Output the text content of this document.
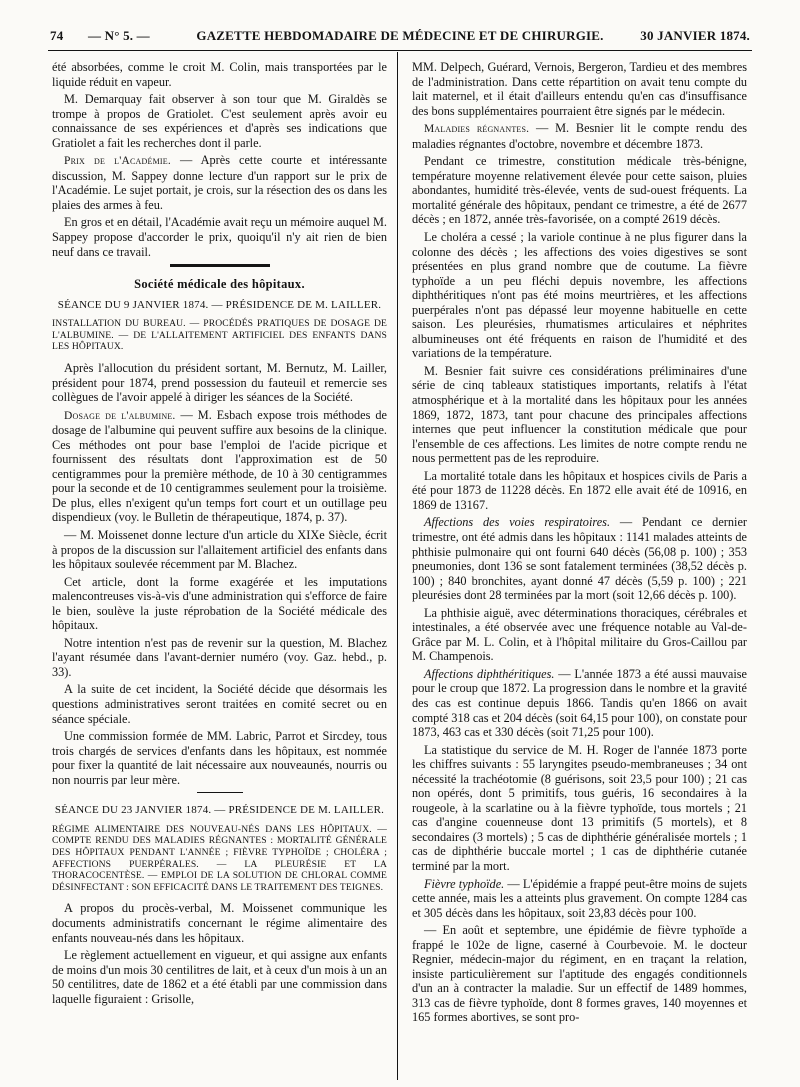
74 — N° 5. —	GAZETTE HEBDOMADAIRE DE MÉDECINE ET DE CHIRURGIE.	30 JANVIER 1874.

été absorbées, comme le croit M. Colin, mais transportées par le liquide réduit en vapeur.

M. Demarquay fait observer à son tour que M. Giraldès se trompe à propos de Gratiolet. C'est seulement après avoir eu connaissance de ses expériences et d'après ses indications que Gratiolet a fait les recherches dont il parle.

Prix de l'Académie. — Après cette courte et intéressante discussion, M. Sappey donne lecture d'un rapport sur le prix de l'Académie. Le sujet portait, je crois, sur la résection des os dans les plaies des armes à feu.

En gros et en détail, l'Académie avait reçu un mémoire auquel M. Sappey propose d'accorder le prix, quoiqu'il n'y ait rien de bien neuf dans ce travail.

Société médicale des hôpitaux.
SÉANCE DU 9 JANVIER 1874. — PRÉSIDENCE DE M. LAILLER.

INSTALLATION DU BUREAU. — PROCÉDÉS PRATIQUES DE DOSAGE DE L'ALBUMINE. — DE L'ALLAITEMENT ARTIFICIEL DES ENFANTS DANS LES HÔPITAUX.

Après l'allocution du président sortant, M. Bernutz, M. Lailler, président pour 1874, prend possession du fauteuil et remercie ses collègues de l'avoir appelé à diriger les séances de la Société.

Dosage de l'albumine. — M. Esbach expose trois méthodes de dosage de l'albumine qui peuvent suffire aux besoins de la clinique. Ces méthodes ont pour base l'emploi de l'acide picrique et fournissent des résultats dont l'approximation est de 50 centigrammes pour la première méthode, de 10 à 30 centigrammes pour la seconde et de 10 centigrammes seulement pour la troisième. De plus, elles n'exigent qu'un temps fort court et un outillage peu dispendieux (voy. le Bulletin de thérapeutique, 1874, p. 37).

— M. Moissenet donne lecture d'un article du XIXe Siècle, écrit à propos de la discussion sur l'allaitement artificiel des enfants dans les hôpitaux soulevée récemment par M. Blachez.

Cet article, dont la forme exagérée et les imputations malencontreuses vis-à-vis d'une administration qui s'efforce de faire le bien, soulève la juste réprobation de la Société médicale des hôpitaux.

Notre intention n'est pas de revenir sur la question, M. Blachez l'ayant résumée dans l'avant-dernier numéro (voy. Gaz. hebd., p. 33).

A la suite de cet incident, la Société décide que désormais les questions administratives seront traitées en comité secret ou en séance spéciale.

Une commission formée de MM. Labric, Parrot et Sircdey, tous trois chargés de services d'enfants dans les hôpitaux, est nommée pour fixer la quantité de lait nécessaire aux nouveaunés, nourris ou non nourris par leur mère.

SÉANCE DU 23 JANVIER 1874. — PRÉSIDENCE DE M. LAILLER.

RÉGIME ALIMENTAIRE DES NOUVEAU-NÉS DANS LES HÔPITAUX. — COMPTE RENDU DES MALADIES RÉGNANTES : MORTALITÉ GÉNÉRALE DES HÔPITAUX PENDANT L'ANNÉE ; FIÈVRE TYPHOÏDE ; CHOLÉRA ; AFFECTIONS PUERPÉRALES. — LA PLEURÉSIE ET LA THORACOCENTÈSE. — EMPLOI DE LA SOLUTION DE CHLORAL COMME DÉSINFECTANT : SON EFFICACITÉ DANS LE TRAITEMENT DES TEIGNES.

A propos du procès-verbal, M. Moissenet communique les documents administratifs concernant le régime alimentaire des enfants nouveau-nés dans les hôpitaux.

Le règlement actuellement en vigueur, et qui assigne aux enfants de moins d'un mois 30 centilitres de lait, et à ceux d'un mois à un an 50 centilitres, date de 1862 et a été établi par une commission dans laquelle figuraient : Grisolle,

MM. Delpech, Guérard, Vernois, Bergeron, Tardieu et des membres de l'administration. Dans cette répartition on avait tenu compte du lait maternel, et il était d'ailleurs entendu qu'en cas d'insuffisance des bons supplémentaires pourraient être signés par le médecin.

Maladies régnantes. — M. Besnier lit le compte rendu des maladies régnantes d'octobre, novembre et décembre 1873.

Pendant ce trimestre, constitution médicale très-bénigne, température moyenne relativement élevée pour cette saison, pluies abondantes, humidité très-élevée, vents de sud-ouest fréquents. La mortalité générale des hôpitaux, pendant ce trimestre, a été de 2677 décès ; en 1872, année très-favorisée, on a compté 2619 décès.

Le choléra a cessé ; la variole continue à ne plus figurer dans la colonne des décès ; les affections des voies digestives se sont présentées en plus grand nombre que de coutume. La fièvre typhoïde a un peu fléchi depuis novembre, les affections diphthéritiques n'ont pas été moins meurtrières, et les affections puerpérales n'ont pas dépassé leur moyenne habituelle en cette saison. Les pleurésies, rhumatismes articulaires et néphrites albumineuses ont été fréquents en raison de l'humidité et des variations de la température.

M. Besnier fait suivre ces considérations préliminaires d'une série de cinq tableaux statistiques importants, relatifs à l'état atmosphérique et à la mortalité dans les hôpitaux pour les années 1869, 1872, 1873, tant pour chacune des principales affections internes que peut influencer la constitution médicale que pour l'ensemble de ces affections. Les limites de notre compte rendu ne nous permettent pas de les reproduire.

La mortalité totale dans les hôpitaux et hospices civils de Paris a été pour 1873 de 11228 décès. En 1872 elle avait été de 10916, en 1869 de 13167.

Affections des voies respiratoires. — Pendant ce dernier trimestre, ont été admis dans les hôpitaux : 1141 malades atteints de phthisie pulmonaire qui ont fourni 640 décès (56,08 p. 100) ; 353 pneumonies, dont 136 se sont fatalement terminées (38,52 décès p. 100) ; 840 bronchites, ayant donné 47 décès (5,59 p. 100) ; 221 pleurésies dont 28 terminées par la mort (soit 12,66 décès p. 100).

La phthisie aiguë, avec déterminations thoraciques, cérébrales et intestinales, a été observée avec une fréquence notable au Val-de-Grâce par M. L. Colin, et à l'hôpital militaire du Gros-Caillou par M. Champenois.

Affections diphthéritiques. — L'année 1873 a été aussi mauvaise pour le croup que 1872. La progression dans le nombre et la gravité des cas est continue depuis 1866. Tandis qu'en 1866 on avait compté 318 cas et 204 décès (soit 64,15 pour 100), on constate pour 1873, 463 cas et 330 décès (soit 71,25 pour 100).

La statistique du service de M. H. Roger de l'année 1873 porte les chiffres suivants : 55 laryngites pseudo-membraneuses ; 34 ont nécessité la trachéotomie (8 guérisons, soit 23,5 pour 100) ; 21 cas non opérés, dont 5 primitifs, tous guéris, 16 secondaires à la rougeole, à la scarlatine ou à la fièvre typhoïde, tous mortels ; 21 cas d'angine couenneuse dont 13 primitifs (5 mortels), et 8 secondaires (3 mortels) ; 5 cas de diphthérie généralisée mortels ; 1 cas de diphthérie buccale mortel ; 1 cas de diphthérie cutanée terminé par la mort.

Fièvre typhoïde. — L'épidémie a frappé peut-être moins de sujets cette année, mais les a atteints plus gravement. On compte 1284 cas et 305 décès dans les hôpitaux, soit 23,83 décès pour 100.

— En août et septembre, une épidémie de fièvre typhoïde a frappé le 102e de ligne, caserné à Courbevoie. M. le docteur Regnier, médecin-major du régiment, en en traçant la relation, insiste particulièrement sur l'aptitude des engagés conditionnels d'un an à contracter la maladie. Sur un effectif de 1489 hommes, 313 cas de fièvre typhoïde, dont 8 formes graves, 140 moyennes et 165 formes abortives, se sont pro-
